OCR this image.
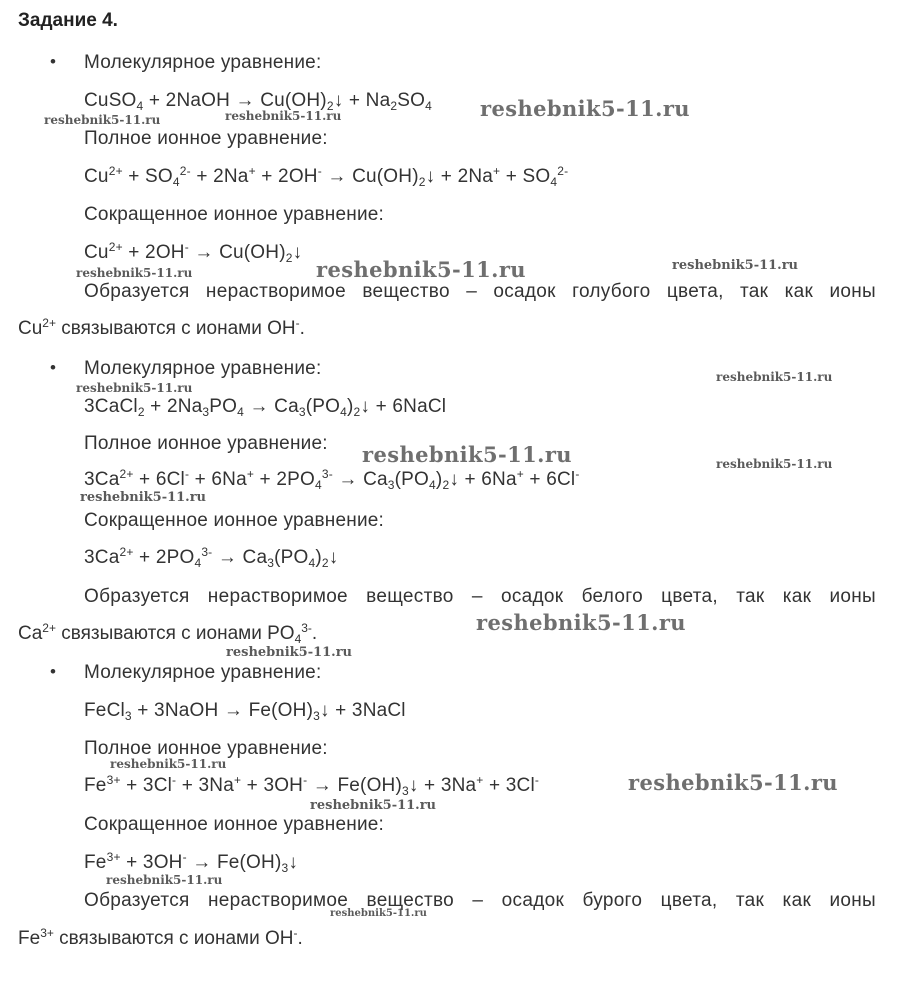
Задание 4.
• Молекулярное уравнение:
CuSO$_4$ + 2NaOH → $Cu(OH)_2↓ + Na_2SO_4$
Полное ионное уравнение:
$Cu^{2+} + SO_4^{2-} + 2Na^+ + 2OH^-$ → $Cu(OH)_2↓ + 2Na^+ + SO_4^{2-}$
Сокращенное ионное уравнение:
$Cu^{2+} + 2OH^-$ → $Cu(OH)_2↓$
Образуется нерастворимое вещество – осадок голубого цвета, так как ионы
$Cu^{2+}$ связываются с ионами OH-.
• Молекулярное уравнение:
3CaCl$_2$ + $2Na_3PO_4$ → $Ca_3(PO_4)_2↓$ + 6NaCl
Полное ионное уравнение:
$3Ca^{2+} + 6Cl^- + 6Na^+ + 2PO_4^{3-}$ → $Ca_3(PO_4)_2↓ + 6Na^+ + 6Cl^-$
Сокращенное ионное уравнение:
$3Ca^{2+} + 2PO_4^{3-}$ → $Ca_3(PO_4)_2↓$
Образуется нерастворимое вещество – осадок белого цвета, так как ионы
$Ca^{2+}$ связываются с ионами $PO_4^{3-}$.
• Молекулярное уравнение:
FeCl$_3$ + 3NaOH → $Fe(OH)_3↓$ + 3NaCl
Полное ионное уравнение:
$Fe^{3+} + 3Cl^- + 3Na^+ + 3OH^-$ → $Fe(OH)_3↓ + 3Na^+ + 3Cl^-$
Сокращенное ионное уравнение:
$Fe^{3+} + 3OH^-$ → $Fe(OH)_3↓$
Образуется нерастворимое вещество – осадок бурого цвета, так как ионы
$Fe^{3+}$ связываются с ионами OH-.
reshebnik5-11.ru
reshebnik5-11.ru	reshebnik5-11.ru
reshebnik5-11.ru
reshebnik5-11.ru	reshebnik5-11.ru
reshebnik5-11.ru
reshebnik5-11.ru
reshebnik5-11.ru	reshebnik5-11.ru
reshebnik5-11.ru
reshebnik5-11.ru
reshebnik5-11.ru
reshebnik5-11.ru
reshebnik5-11.ru
reshebnik5-11.ru
reshebnik5-11.ru
reshebnik5-11.ru
